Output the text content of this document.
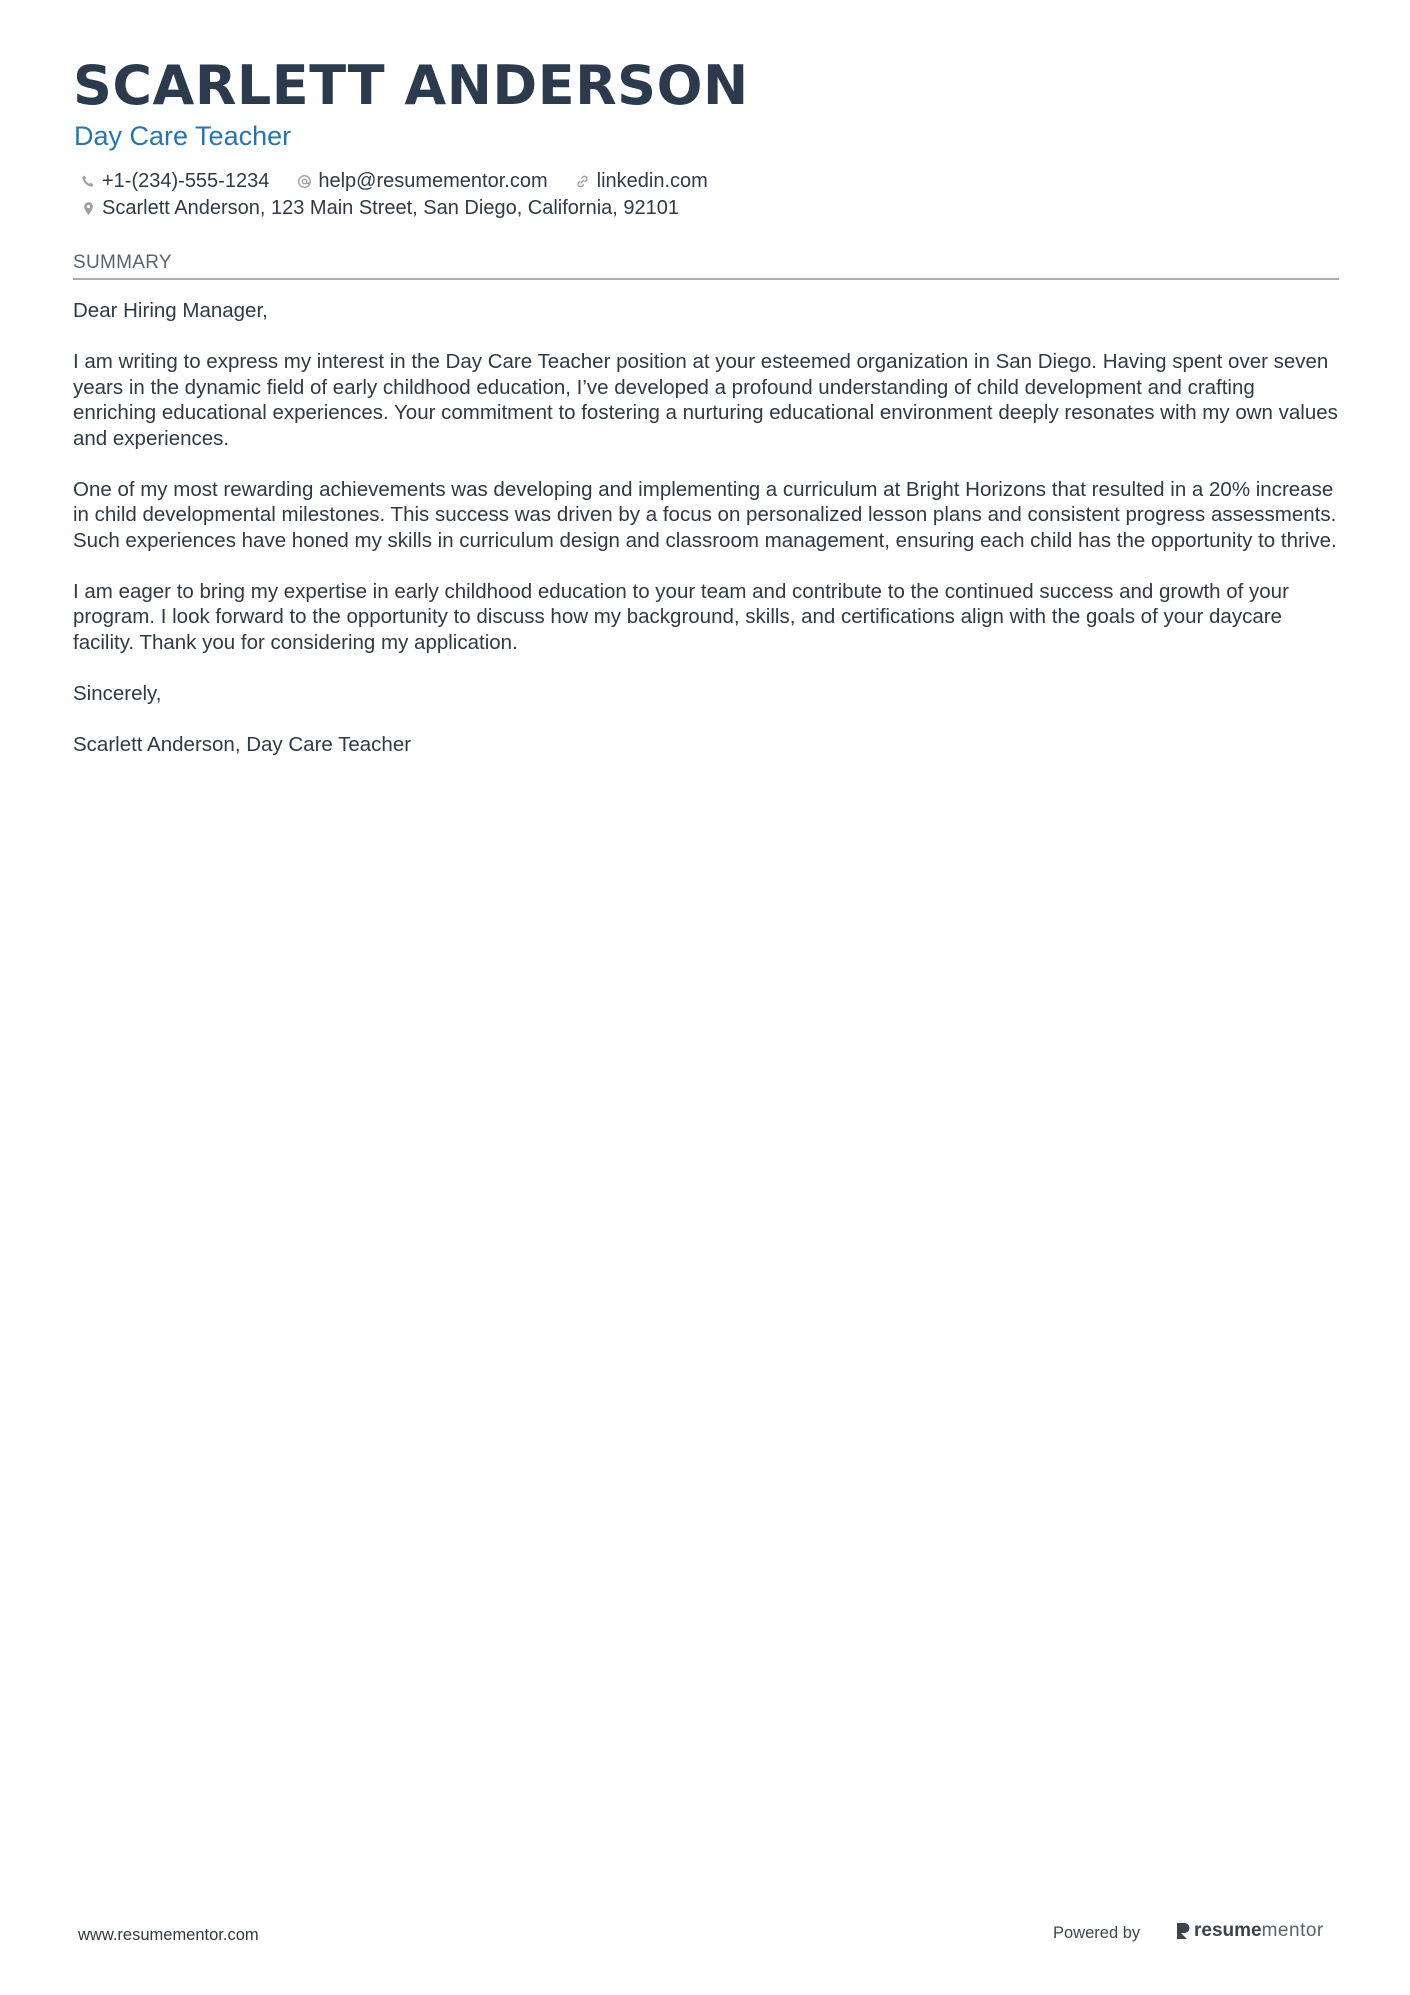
SCARLETT ANDERSON
Day Care Teacher
+1-(234)-555-1234 help@resumementor.com linkedin.com
Scarlett Anderson, 123 Main Street, San Diego, California, 92101
SUMMARY

Dear Hiring Manager,

I am writing to express my interest in the Day Care Teacher position at your esteemed organization in San Diego. Having spent over seven years in the dynamic field of early childhood education, I’ve developed a profound understanding of child development and crafting enriching educational experiences. Your commitment to fostering a nurturing educational environment deeply resonates with my own values and experiences.

One of my most rewarding achievements was developing and implementing a curriculum at Bright Horizons that resulted in a 20% increase in child developmental milestones. This success was driven by a focus on personalized lesson plans and consistent progress assessments. Such experiences have honed my skills in curriculum design and classroom management, ensuring each child has the opportunity to thrive.

I am eager to bring my expertise in early childhood education to your team and contribute to the continued success and growth of your program. I look forward to the opportunity to discuss how my background, skills, and certifications align with the goals of your daycare facility. Thank you for considering my application.

Sincerely,

Scarlett Anderson, Day Care Teacher

www.resumementor.com	Powered by	resume mentor
